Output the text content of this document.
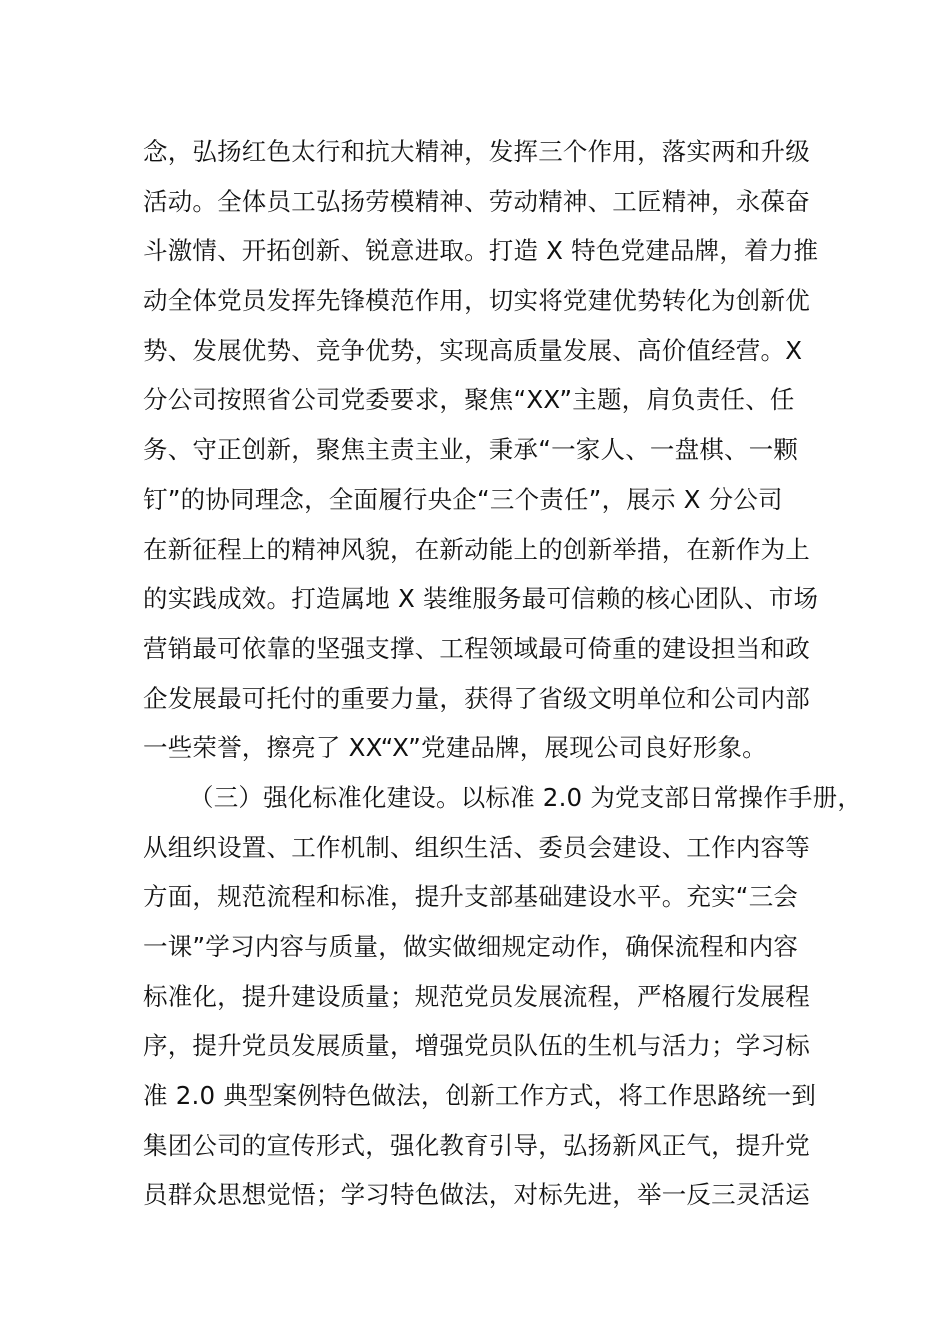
念，弘扬红色太行和抗大精神，发挥三个作用，落实两和升级
活动。全体员工弘扬劳模精神、劳动精神、工匠精神，永葆奋
斗激情、开拓创新、锐意进取。打造 X 特色党建品牌，着力推
动全体党员发挥先锋模范作用，切实将党建优势转化为创新优
势、发展优势、竞争优势，实现高质量发展、高价值经营。X
分公司按照省公司党委要求，聚焦“XX”主题，肩负责任、任
务、守正创新，聚焦主责主业，秉承“一家人、一盘棋、一颗
钉”的协同理念，全面履行央企“三个责任”，展示 X 分公司
在新征程上的精神风貌，在新动能上的创新举措，在新作为上
的实践成效。打造属地 X 装维服务最可信赖的核心团队、市场
营销最可依靠的坚强支撑、工程领域最可倚重的建设担当和政
企发展最可托付的重要力量，获得了省级文明单位和公司内部
一些荣誉，擦亮了 XX“X”党建品牌，展现公司良好形象。
（三）强化标准化建设。以标准 2.0 为党支部日常操作手册，
从组织设置、工作机制、组织生活、委员会建设、工作内容等
方面，规范流程和标准，提升支部基础建设水平。充实“三会
一课”学习内容与质量，做实做细规定动作，确保流程和内容
标准化，提升建设质量；规范党员发展流程，严格履行发展程
序，提升党员发展质量，增强党员队伍的生机与活力；学习标
准 2.0 典型案例特色做法，创新工作方式，将工作思路统一到
集团公司的宣传形式，强化教育引导，弘扬新风正气，提升党
员群众思想觉悟；学习特色做法，对标先进，举一反三灵活运
